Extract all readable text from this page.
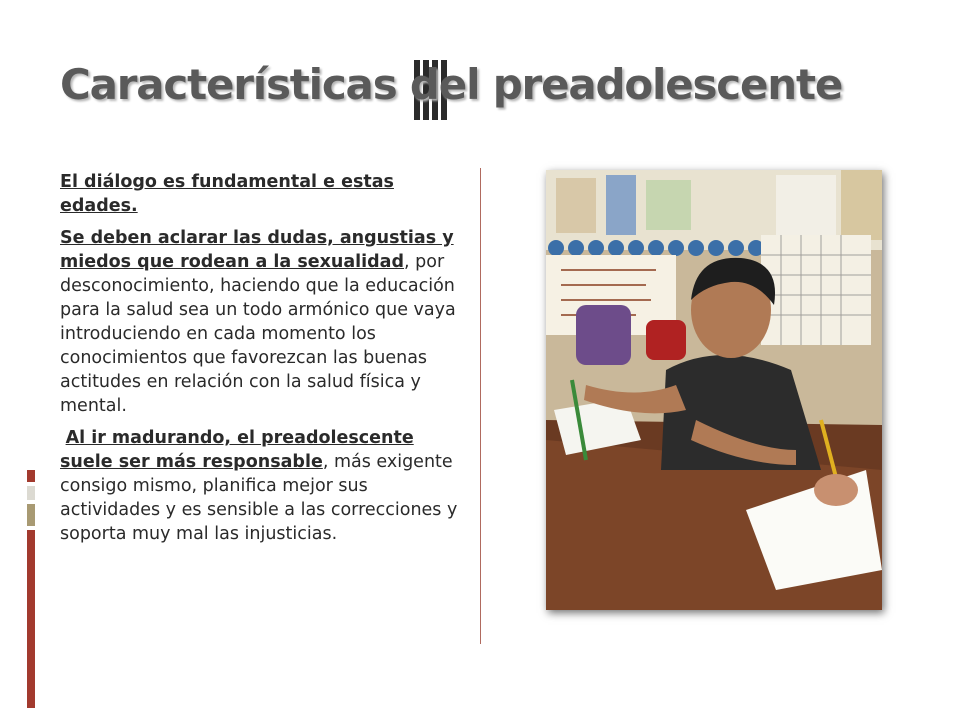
Características del preadolescente

El diálogo es fundamental e estas edades.

Se deben aclarar las dudas, angustias y miedos que rodean a la sexualidad, por desconocimiento, haciendo que la educación para la salud sea un todo armónico que vaya introduciendo en cada momento los conocimientos que favorezcan las buenas actitudes en relación con la salud física y mental.

Al ir madurando, el preadolescente suele ser más responsable, más exigente consigo mismo, planifica mejor sus actividades y es sensible a las correcciones y soporta muy mal las injusticias.
